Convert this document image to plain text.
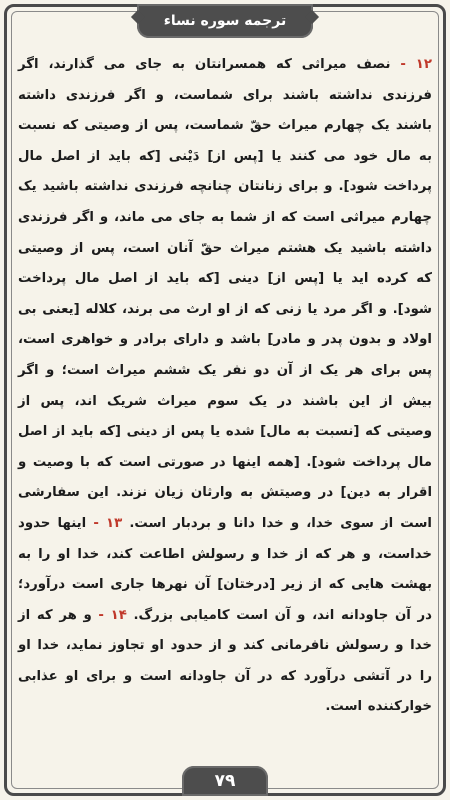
ترجمه سوره نساء

۱۲ - نصف میراثی که همسرانتان به جای می گذارند، اگر فرزندی نداشته باشند برای شماست، و اگر فرزندی داشته باشند یک چهارم میراث حقّ شماست، پس از وصیتی که نسبت به مال خود می کنند یا [پس از] دَیْنی [که باید از اصل مال پرداخت شود]. و برای زنانتان چنانچه فرزندی نداشته باشید یک چهارم میراثی است که از شما به جای می ماند، و اگر فرزندی داشته باشید یک هشتم میراث حقّ آنان است، پس از وصیتی که کرده اید یا [پس از] دینی [که باید از اصل مال پرداخت شود]. و اگر مرد یا زنی که از او ارث می برند، کلاله [یعنی بی اولاد و بدون پدر و مادر] باشد و دارای برادر و خواهری است، پس برای هر یک از آن دو نفر یک ششم میراث است؛ و اگر بیش از این باشند در یک سوم میراث شریک اند، پس از وصیتی که [نسبت به مال] شده یا پس از دینی [که باید از اصل مال پرداخت شود]. [همه اینها در صورتی است که با وصیت و اقرار به دین] در وصیتش به وارثان زیان نزند. این سفارشی است از سوی خدا، و خدا دانا و بردبار است. ۱۳ - اینها حدود خداست، و هر که از خدا و رسولش اطاعت کند، خدا او را به بهشت هایی که از زیر [درختان] آن نهرها جاری است درآورد؛ در آن جاودانه اند، و آن است کامیابی بزرگ. ۱۴ - و هر که از خدا و رسولش نافرمانی کند و از حدود او تجاوز نماید، خدا او را در آتشی درآورد که در آن جاودانه است و برای او عذابی خوارکننده است.

۷۹
